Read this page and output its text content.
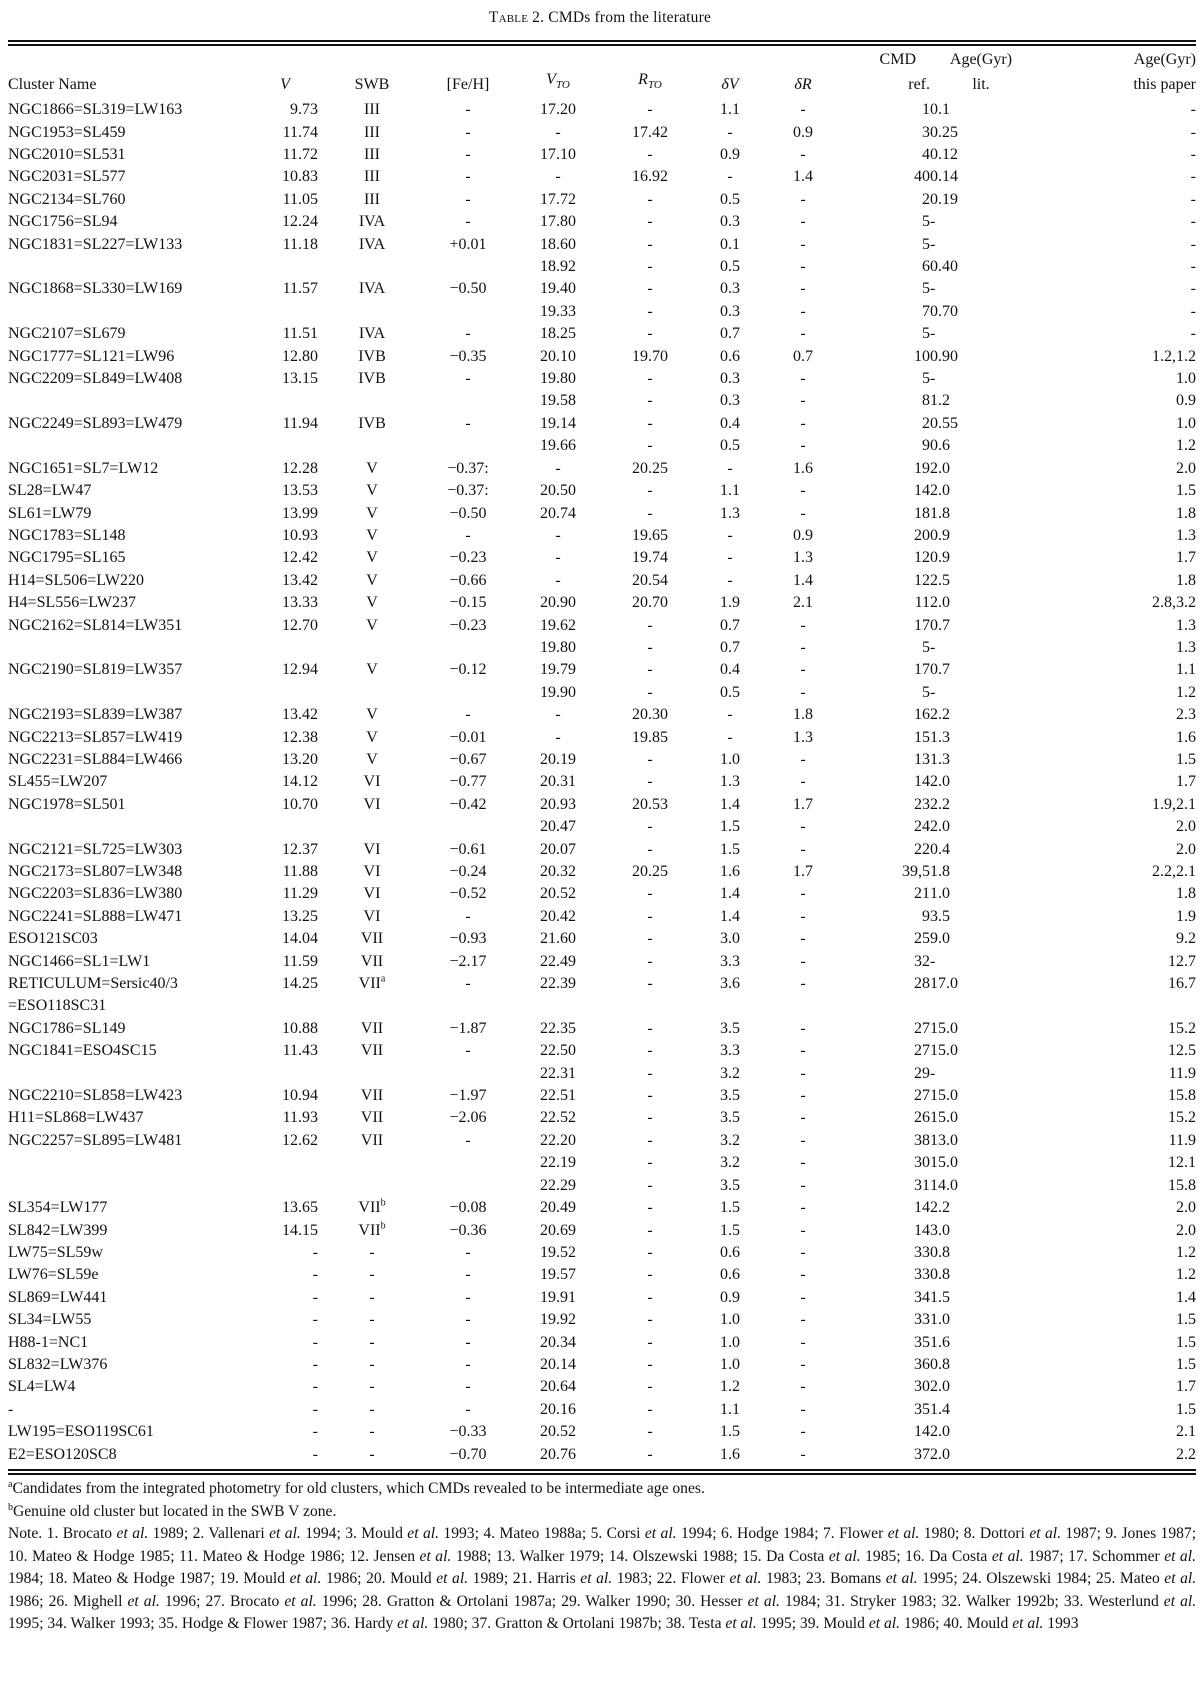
Table 2. CMDs from the literature
								CMD	Age(Gyr)	Age(Gyr)
Cluster Name	V	SWB	[Fe/H]	$V_{TO}$	$R_{TO}$	δV	δR	ref.	lit.	this paper
NGC1866=SL319=LW163	9.73	III	-	17.20	-	1.1	-	1	0.1	-
NGC1953=SL459	11.74	III	-	-	17.42	-	0.9	3	0.25	-
NGC2010=SL531	11.72	III	-	17.10	-	0.9	-	4	0.12	-
NGC2031=SL577	10.83	III	-	-	16.92	-	1.4	40	0.14	-
NGC2134=SL760	11.05	III	-	17.72	-	0.5	-	2	0.19	-
NGC1756=SL94	12.24	IVA	-	17.80	-	0.3	-	5	-	-
NGC1831=SL227=LW133	11.18	IVA	+0.01	18.60	-	0.1	-	5	-	-
				18.92	-	0.5	-	6	0.40	-
NGC1868=SL330=LW169	11.57	IVA	−0.50	19.40	-	0.3	-	5	-	-
				19.33	-	0.3	-	7	0.70	-
NGC2107=SL679	11.51	IVA	-	18.25	-	0.7	-	5	-	-
NGC1777=SL121=LW96	12.80	IVB	−0.35	20.10	19.70	0.6	0.7	10	0.90	1.2,1.2
NGC2209=SL849=LW408	13.15	IVB	-	19.80	-	0.3	-	5	-	1.0
				19.58	-	0.3	-	8	1.2	0.9
NGC2249=SL893=LW479	11.94	IVB	-	19.14	-	0.4	-	2	0.55	1.0
				19.66	-	0.5	-	9	0.6	1.2
NGC1651=SL7=LW12	12.28	V	−0.37:	-	20.25	-	1.6	19	2.0	2.0
SL28=LW47	13.53	V	−0.37:	20.50	-	1.1	-	14	2.0	1.5
SL61=LW79	13.99	V	−0.50	20.74	-	1.3	-	18	1.8	1.8
NGC1783=SL148	10.93	V	-	-	19.65	-	0.9	20	0.9	1.3
NGC1795=SL165	12.42	V	−0.23	-	19.74	-	1.3	12	0.9	1.7
H14=SL506=LW220	13.42	V	−0.66	-	20.54	-	1.4	12	2.5	1.8
H4=SL556=LW237	13.33	V	−0.15	20.90	20.70	1.9	2.1	11	2.0	2.8,3.2
NGC2162=SL814=LW351	12.70	V	−0.23	19.62	-	0.7	-	17	0.7	1.3
				19.80	-	0.7	-	5	-	1.3
NGC2190=SL819=LW357	12.94	V	−0.12	19.79	-	0.4	-	17	0.7	1.1
				19.90	-	0.5	-	5	-	1.2
NGC2193=SL839=LW387	13.42	V	-	-	20.30	-	1.8	16	2.2	2.3
NGC2213=SL857=LW419	12.38	V	−0.01	-	19.85	-	1.3	15	1.3	1.6
NGC2231=SL884=LW466	13.20	V	−0.67	20.19	-	1.0	-	13	1.3	1.5
SL455=LW207	14.12	VI	−0.77	20.31	-	1.3	-	14	2.0	1.7
NGC1978=SL501	10.70	VI	−0.42	20.93	20.53	1.4	1.7	23	2.2	1.9,2.1
				20.47	-	1.5	-	24	2.0	2.0
NGC2121=SL725=LW303	12.37	VI	−0.61	20.07	-	1.5	-	22	0.4	2.0
NGC2173=SL807=LW348	11.88	VI	−0.24	20.32	20.25	1.6	1.7	39,5	1.8	2.2,2.1
NGC2203=SL836=LW380	11.29	VI	−0.52	20.52	-	1.4	-	21	1.0	1.8
NGC2241=SL888=LW471	13.25	VI	-	20.42	-	1.4	-	9	3.5	1.9
ESO121SC03	14.04	VII	−0.93	21.60	-	3.0	-	25	9.0	9.2
NGC1466=SL1=LW1	11.59	VII	−2.17	22.49	-	3.3	-	32	-	12.7
RETICULUM=Sersic40/3	14.25	VII$^a$	-	22.39	-	3.6	-	28	17.0	16.7
=ESO118SC31										
NGC1786=SL149	10.88	VII	−1.87	22.35	-	3.5	-	27	15.0	15.2
NGC1841=ESO4SC15	11.43	VII	-	22.50	-	3.3	-	27	15.0	12.5
				22.31	-	3.2	-	29	-	11.9
NGC2210=SL858=LW423	10.94	VII	−1.97	22.51	-	3.5	-	27	15.0	15.8
H11=SL868=LW437	11.93	VII	−2.06	22.52	-	3.5	-	26	15.0	15.2
NGC2257=SL895=LW481	12.62	VII	-	22.20	-	3.2	-	38	13.0	11.9
				22.19	-	3.2	-	30	15.0	12.1
				22.29	-	3.5	-	31	14.0	15.8
SL354=LW177	13.65	$VII^b$	−0.08	20.49	-	1.5	-	14	2.2	2.0
SL842=LW399	14.15	$VII^b$	−0.36	20.69	-	1.5	-	14	3.0	2.0
LW75=SL59w	-	-	-	19.52	-	0.6	-	33	0.8	1.2
LW76=SL59e	-	-	-	19.57	-	0.6	-	33	0.8	1.2
SL869=LW441	-	-	-	19.91	-	0.9	-	34	1.5	1.4
SL34=LW55	-	-	-	19.92	-	1.0	-	33	1.0	1.5
H88-1=NC1	-	-	-	20.34	-	1.0	-	35	1.6	1.5
SL832=LW376	-	-	-	20.14	-	1.0	-	36	0.8	1.5
SL4=LW4	-	-	-	20.64	-	1.2	-	30	2.0	1.7
-	-	-	-	20.16	-	1.1	-	35	1.4	1.5
LW195=ESO119SC61	-	-	−0.33	20.52	-	1.5	-	14	2.0	2.1
E2=ESO120SC8	-	-	−0.70	20.76	-	1.6	-	37	2.0	2.2

$^a$Candidates from the integrated photometry for old clusters, which CMDs revealed to be intermediate age ones.

$^b$Genuine old cluster but located in the SWB V zone.

Note. 1. Brocato et al. 1989; 2. Vallenari et al. 1994; 3. Mould et al. 1993; 4. Mateo 1988a; 5. Corsi et al. 1994; 6. Hodge 1984; 7. Flower et al. 1980; 8. Dottori et al. 1987; 9. Jones 1987; 10. Mateo & Hodge 1985; 11. Mateo & Hodge 1986; 12. Jensen et al. 1988; 13. Walker 1979; 14. Olszewski 1988; 15. Da Costa et al. 1985; 16. Da Costa et al. 1987; 17. Schommer et al. 1984; 18. Mateo & Hodge 1987; 19. Mould et al. 1986; 20. Mould et al. 1989; 21. Harris et al. 1983; 22. Flower et al. 1983; 23. Bomans et al. 1995; 24. Olszewski 1984; 25. Mateo et al. 1986; 26. Mighell et al. 1996; 27. Brocato et al. 1996; 28. Gratton & Ortolani 1987a; 29. Walker 1990; 30. Hesser et al. 1984; 31. Stryker 1983; 32. Walker 1992b; 33. Westerlund et al. 1995; 34. Walker 1993; 35. Hodge & Flower 1987; 36. Hardy et al. 1980; 37. Gratton & Ortolani 1987b; 38. Testa et al. 1995; 39. Mould et al. 1986; 40. Mould et al. 1993
